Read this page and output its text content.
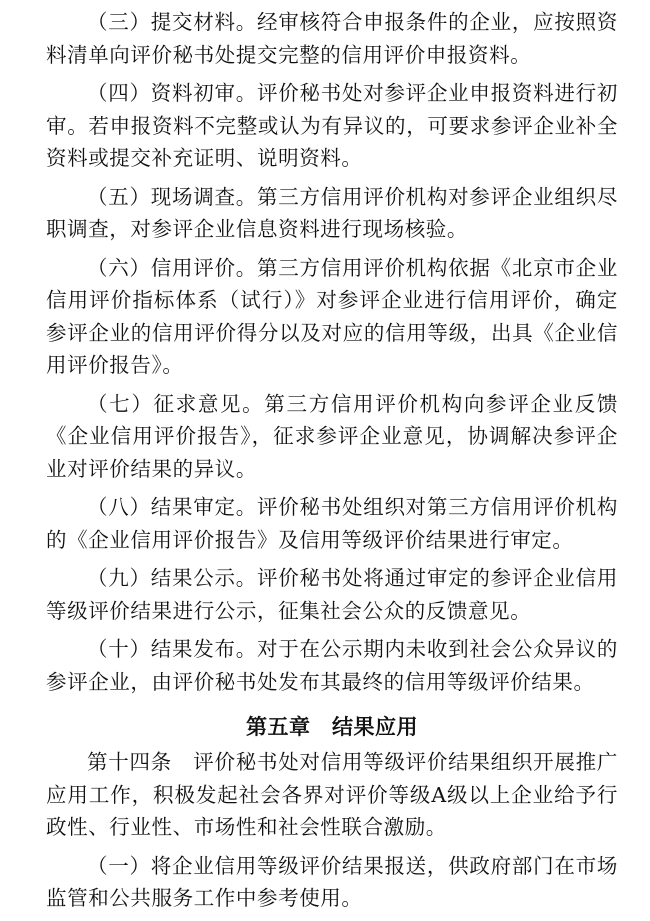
（三）提交材料。经审核符合申报条件的企业，应按照资料清单向评价秘书处提交完整的信用评价申报资料。

（四）资料初审。评价秘书处对参评企业申报资料进行初审。若申报资料不完整或认为有异议的，可要求参评企业补全资料或提交补充证明、说明资料。

（五）现场调查。第三方信用评价机构对参评企业组织尽职调查，对参评企业信息资料进行现场核验。

（六）信用评价。第三方信用评价机构依据《北京市企业信用评价指标体系（试行）》对参评企业进行信用评价，确定参评企业的信用评价得分以及对应的信用等级，出具《企业信用评价报告》。

（七）征求意见。第三方信用评价机构向参评企业反馈《企业信用评价报告》，征求参评企业意见，协调解决参评企业对评价结果的异议。

（八）结果审定。评价秘书处组织对第三方信用评价机构的《企业信用评价报告》及信用等级评价结果进行审定。

（九）结果公示。评价秘书处将通过审定的参评企业信用等级评价结果进行公示，征集社会公众的反馈意见。

（十）结果发布。对于在公示期内未收到社会公众异议的参评企业，由评价秘书处发布其最终的信用等级评价结果。

第五章　结果应用

第十四条　评价秘书处对信用等级评价结果组织开展推广应用工作，积极发起社会各界对评价等级A级以上企业给予行政性、行业性、市场性和社会性联合激励。

（一）将企业信用等级评价结果报送，供政府部门在市场监管和公共服务工作中参考使用。
